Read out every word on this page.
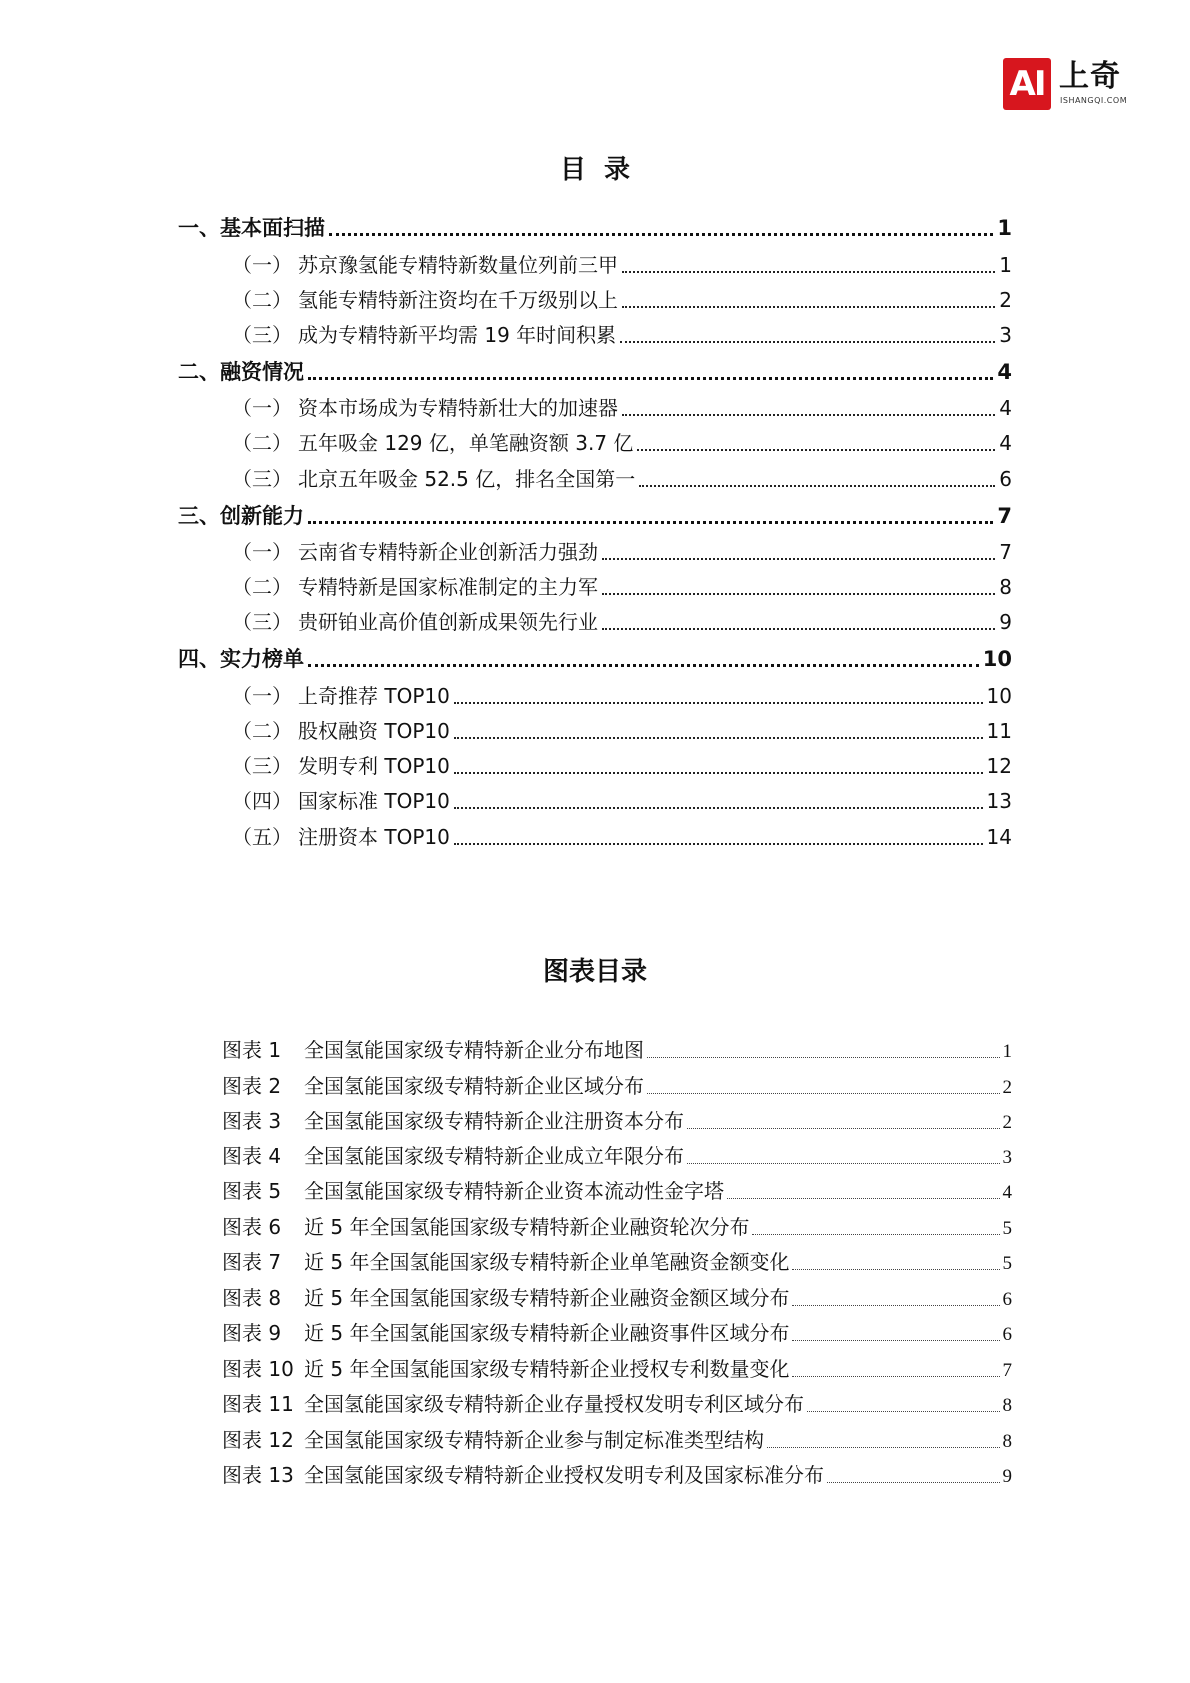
AI 上奇
ISHANGQI.COM
目录
一、 基本面扫描	1
（一） 苏京豫氢能专精特新数量位列前三甲	1
（二） 氢能专精特新注资均在千万级别以上	2
（三） 成为专精特新平均需 19 年时间积累	3
二、 融资情况	4
（一） 资本市场成为专精特新壮大的加速器	4
（二） 五年吸金 129 亿，单笔融资额 3.7 亿	4
（三） 北京五年吸金 52.5 亿，排名全国第一	6
三、 创新能力	7
（一） 云南省专精特新企业创新活力强劲	7
（二） 专精特新是国家标准制定的主力军	8
（三） 贵研铂业高价值创新成果领先行业	9
四、 实力榜单	10
（一） 上奇推荐 TOP10	10
（二） 股权融资 TOP10	11
（三） 发明专利 TOP10	12
（四） 国家标准 TOP10	13
（五） 注册资本 TOP10	14
图表目录
图表 1	全国氢能国家级专精特新企业分布地图	1
图表 2	全国氢能国家级专精特新企业区域分布	2
图表 3	全国氢能国家级专精特新企业注册资本分布	2
图表 4	全国氢能国家级专精特新企业成立年限分布	3
图表 5	全国氢能国家级专精特新企业资本流动性金字塔	4
图表 6	近 5 年全国氢能国家级专精特新企业融资轮次分布	5
图表 7	近 5 年全国氢能国家级专精特新企业单笔融资金额变化	5
图表 8	近 5 年全国氢能国家级专精特新企业融资金额区域分布	6
图表 9	近 5 年全国氢能国家级专精特新企业融资事件区域分布	6
图表 10 近 5 年全国氢能国家级专精特新企业授权专利数量变化	7
图表 11 全国氢能国家级专精特新企业存量授权发明专利区域分布	8
图表 12 全国氢能国家级专精特新企业参与制定标准类型结构	8
图表 13 全国氢能国家级专精特新企业授权发明专利及国家标准分布	9
